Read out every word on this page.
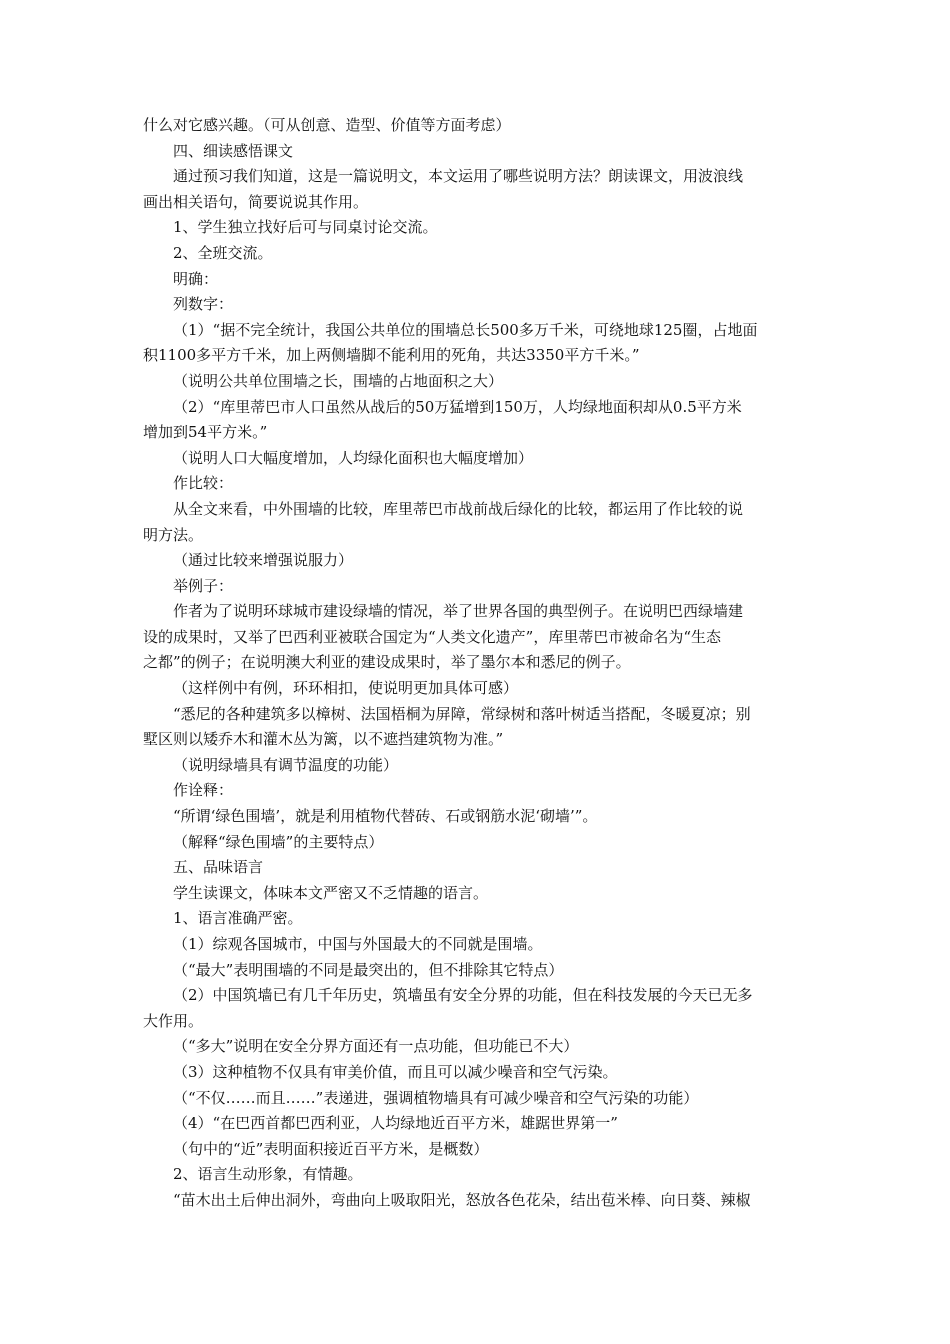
什么对它感兴趣。（可从创意、造型、价值等方面考虑）
四、细读感悟课文
通过预习我们知道，这是一篇说明文，本文运用了哪些说明方法？朗读课文，用波浪线
画出相关语句，简要说说其作用。
1、学生独立找好后可与同桌讨论交流。
2、全班交流。
明确：
列数字：
（1）“据不完全统计，我国公共单位的围墙总长500多万千米，可绕地球125圈，占地面
积1100多平方千米，加上两侧墙脚不能利用的死角，共达3350平方千米。”
（说明公共单位围墙之长，围墙的占地面积之大）
（2）“库里蒂巴市人口虽然从战后的50万猛增到150万，人均绿地面积却从0.5平方米
增加到54平方米。”
（说明人口大幅度增加，人均绿化面积也大幅度增加）
作比较：
从全文来看，中外围墙的比较，库里蒂巴市战前战后绿化的比较，都运用了作比较的说
明方法。
（通过比较来增强说服力）
举例子：
作者为了说明环球城市建设绿墙的情况，举了世界各国的典型例子。在说明巴西绿墙建
设的成果时，又举了巴西利亚被联合国定为“人类文化遗产”，库里蒂巴市被命名为“生态
之都”的例子；在说明澳大利亚的建设成果时，举了墨尔本和悉尼的例子。
（这样例中有例，环环相扣，使说明更加具体可感）
“悉尼的各种建筑多以樟树、法国梧桐为屏障，常绿树和落叶树适当搭配，冬暖夏凉；别
墅区则以矮乔木和灌木丛为篱，以不遮挡建筑物为准。”
（说明绿墙具有调节温度的功能）
作诠释：
“所谓‘绿色围墙’，就是利用植物代替砖、石或钢筋水泥‘砌墙’”。
（解释“绿色围墙”的主要特点）
五、品味语言
学生读课文，体味本文严密又不乏情趣的语言。
1、语言准确严密。
（1）综观各国城市，中国与外国最大的不同就是围墙。
（“最大”表明围墙的不同是最突出的，但不排除其它特点）
（2）中国筑墙已有几千年历史，筑墙虽有安全分界的功能，但在科技发展的今天已无多
大作用。
（“多大”说明在安全分界方面还有一点功能，但功能已不大）
（3）这种植物不仅具有审美价值，而且可以减少噪音和空气污染。
（“不仅……而且……”表递进，强调植物墙具有可减少噪音和空气污染的功能）
（4）“在巴西首都巴西利亚，人均绿地近百平方米，雄踞世界第一”
（句中的“近”表明面积接近百平方米，是概数）
2、语言生动形象，有情趣。
“苗木出土后伸出洞外，弯曲向上吸取阳光，怒放各色花朵，结出苞米棒、向日葵、辣椒
